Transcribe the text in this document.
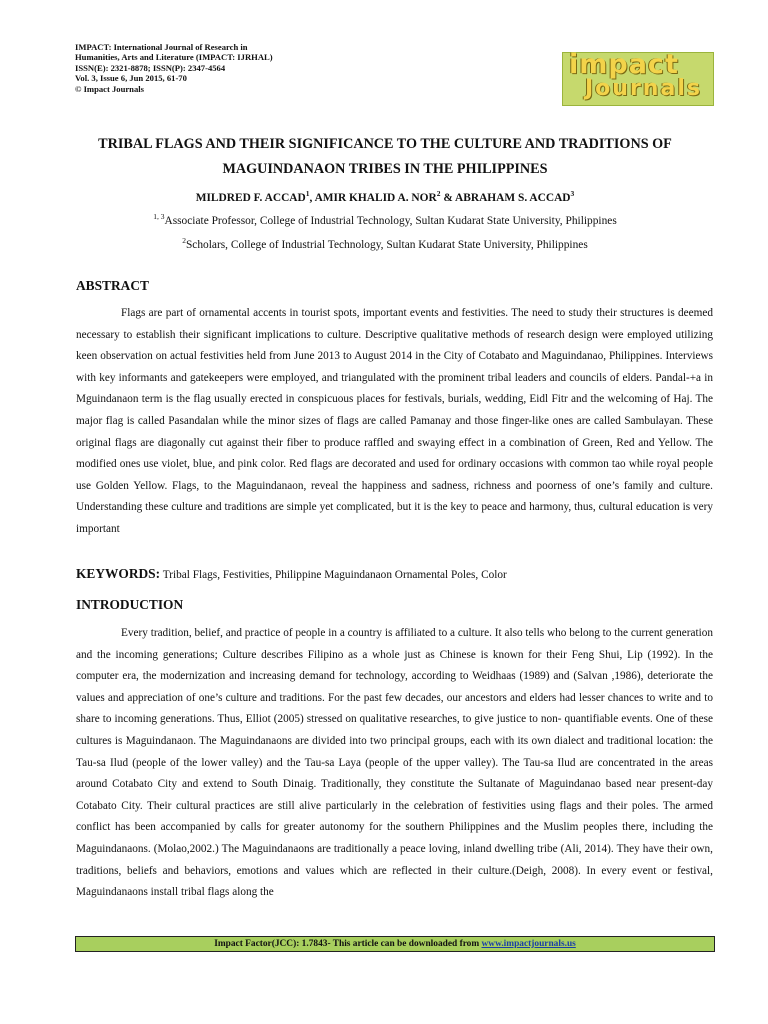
IMPACT: International Journal of Research in
Humanities, Arts and Literature (IMPACT: IJRHAL)
ISSN(E): 2321-8878; ISSN(P): 2347-4564
Vol. 3, Issue 6, Jun 2015, 61-70
© Impact Journals
impact
Journals
TRIBAL FLAGS AND THEIR SIGNIFICANCE TO THE CULTURE AND TRADITIONS OF MAGUINDANAON TRIBES IN THE PHILIPPINES
MILDRED F. ACCAD$^1$, AMIR KHALID A. NOR$^2$ & ABRAHAM S. ACCAD$^3$
$^{1, 3}$Associate Professor, College of Industrial Technology, Sultan Kudarat State University, Philippines
$^2$Scholars, College of Industrial Technology, Sultan Kudarat State University, Philippines
ABSTRACT

Flags are part of ornamental accents in tourist spots, important events and festivities. The need to study their structures is deemed necessary to establish their significant implications to culture. Descriptive qualitative methods of research design were employed utilizing keen observation on actual festivities held from June 2013 to August 2014 in the City of Cotabato and Maguindanao, Philippines. Interviews with key informants and gatekeepers were employed, and triangulated with the prominent tribal leaders and councils of elders. Pandal-+a in Mguindanaon term is the flag usually erected in conspicuous places for festivals, burials, wedding, Eidl Fitr and the welcoming of Haj. The major flag is called Pasandalan while the minor sizes of flags are called Pamanay and those finger-like ones are called Sambulayan. These original flags are diagonally cut against their fiber to produce raffled and swaying effect in a combination of Green, Red and Yellow. The modified ones use violet, blue, and pink color. Red flags are decorated and used for ordinary occasions with common tao while royal people use Golden Yellow. Flags, to the Maguindanaon, reveal the happiness and sadness, richness and poorness of one’s family and culture. Understanding these culture and traditions are simple yet complicated, but it is the key to peace and harmony, thus, cultural education is very important

KEYWORDS: Tribal Flags, Festivities, Philippine Maguindanaon Ornamental Poles, Color
INTRODUCTION

Every tradition, belief, and practice of people in a country is affiliated to a culture. It also tells who belong to the current generation and the incoming generations; Culture describes Filipino as a whole just as Chinese is known for their Feng Shui, Lip (1992). In the computer era, the modernization and increasing demand for technology, according to Weidhaas (1989) and (Salvan ,1986), deteriorate the values and appreciation of one’s culture and traditions. For the past few decades, our ancestors and elders had lesser chances to write and to share to incoming generations. Thus, Elliot (2005) stressed on qualitative researches, to give justice to non- quantifiable events. One of these cultures is Maguindanaon. The Maguindanaons are divided into two principal groups, each with its own dialect and traditional location: the Tau-sa Ilud (people of the lower valley) and the Tau-sa Laya (people of the upper valley). The Tau-sa Ilud are concentrated in the areas around Cotabato City and extend to South Dinaig. Traditionally, they constitute the Sultanate of Maguindanao based near present-day Cotabato City. Their cultural practices are still alive particularly in the celebration of festivities using flags and their poles. The armed conflict has been accompanied by calls for greater autonomy for the southern Philippines and the Muslim peoples there, including the Maguindanaons. (Molao,2002.) The Maguindanaons are traditionally a peace loving, inland dwelling tribe (Ali, 2014). They have their own, traditions, beliefs and behaviors, emotions and values which are reflected in their culture.(Deigh, 2008). In every event or festival, Maguindanaons install tribal flags along the

Impact Factor(JCC): 1.7843- This article can be downloaded from www.impactjournals.us
